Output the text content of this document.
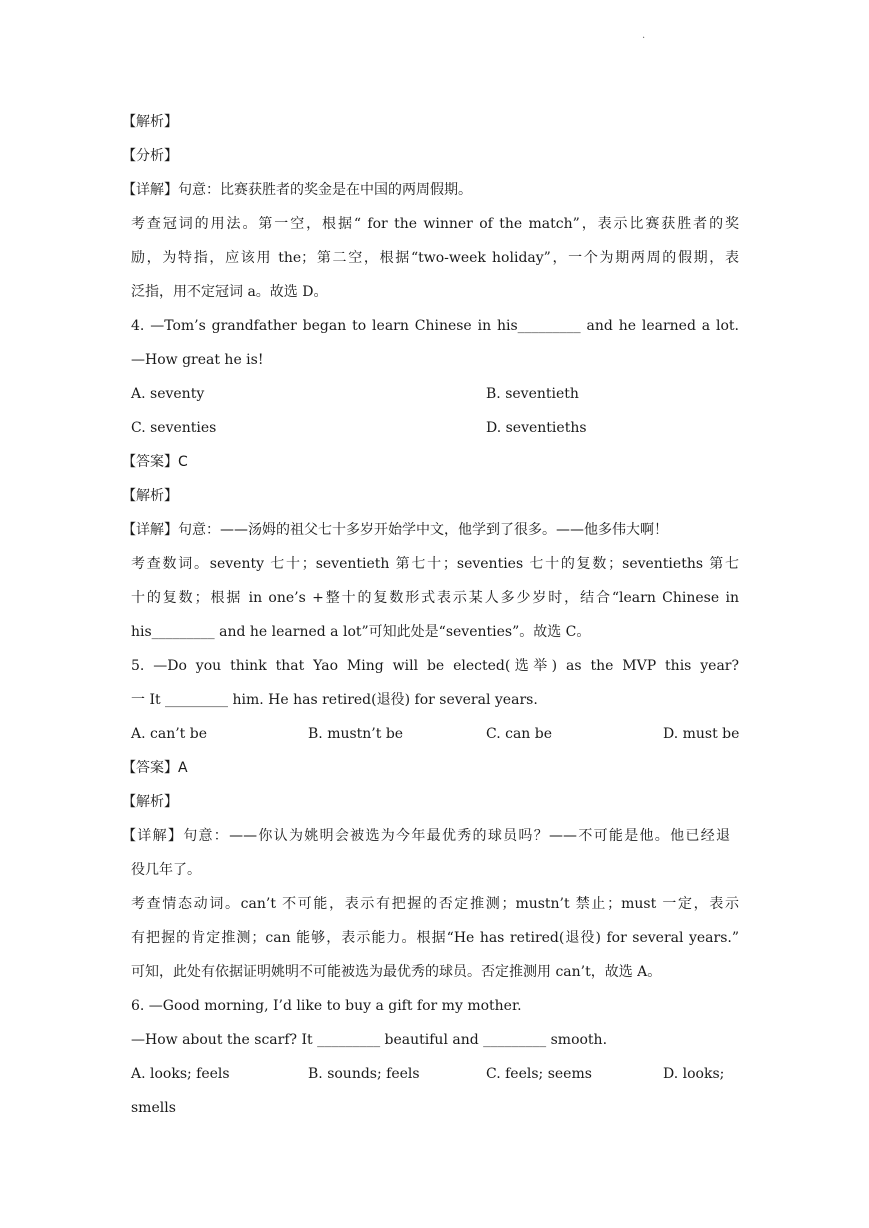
.
【解析】
【分析】
【详解】句意：比赛获胜者的奖金是在中国的两周假期。
考查冠词的用法。第一空，根据“ for the winner of the match”，表示比赛获胜者的奖
励，为特指，应该用 the；第二空，根据“two-week holiday”，一个为期两周的假期，表
泛指，用不定冠词 a。故选 D。
4. —Tom’s grandfather began to learn Chinese in his_________ and he learned a lot.
—How great he is!
A. seventy	B. seventieth
C. seventies	D. seventieths
【答案】C
【解析】
【详解】句意：——汤姆的祖父七十多岁开始学中文，他学到了很多。——他多伟大啊！
考查数词。seventy 七十；seventieth 第七十；seventies 七十的复数；seventieths 第七
十的复数；根据 in one’s +整十的复数形式表示某人多少岁时，结合“learn Chinese in
his_________ and he learned a lot”可知此处是“seventies”。故选 C。
5. —Do you think that Yao Ming will be elected(选举) as the MVP this year?
一 It _________ him. He has retired(退役) for several years.
A. can’t be	B. mustn’t be	C. can be	D. must be
【答案】A
【解析】
【详解】句意：——你认为姚明会被选为今年最优秀的球员吗？——不可能是他。他已经退
役几年了。
考查情态动词。can’t 不可能，表示有把握的否定推测；mustn’t 禁止；must 一定，表示
有把握的肯定推测；can 能够，表示能力。根据“He has retired(退役) for several years.”
可知，此处有依据证明姚明不可能被选为最优秀的球员。否定推测用 can’t，故选 A。
6. —Good morning, I’d like to buy a gift for my mother.
—How about the scarf? It _________ beautiful and _________ smooth.
A. looks; feels	B. sounds; feels	C. feels; seems	D. looks;
smells
